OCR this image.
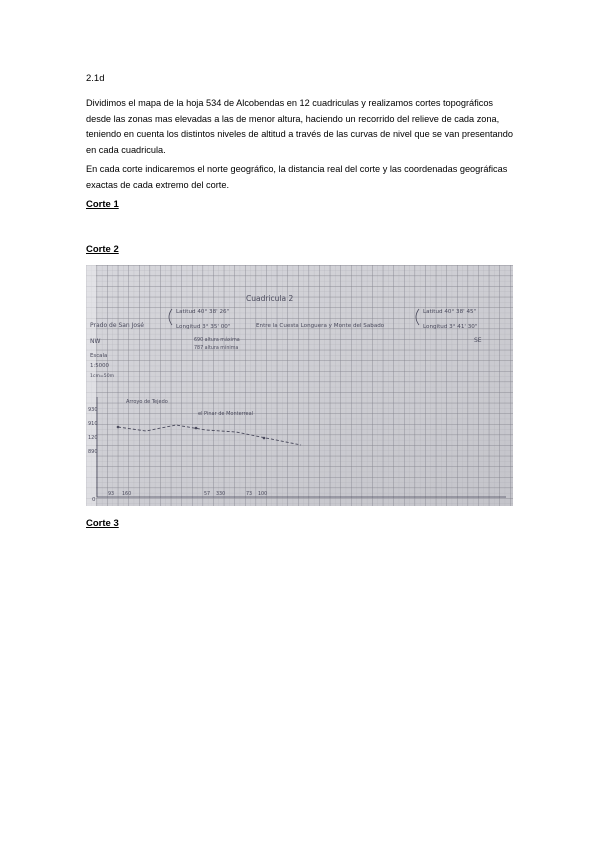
2.1d

Dividimos el mapa de la hoja 534 de Alcobendas en 12 cuadriculas y realizamos cortes topográficos desde las zonas mas elevadas a las de menor altura, haciendo un recorrido del relieve de cada zona, teniendo en cuenta los distintos niveles de altitud a través de las curvas de nivel que se van presentando en cada cuadricula.

En cada corte indicaremos el norte geográfico, la distancia real del corte y las coordenadas geográficas exactas de cada extremo del corte.

Corte 1
Corte 2
Cuadricula 2
Prado de San José
Latitud 40° 38' 26"
Longitud 3° 35' 00"
NW
Escala
1:5000
1cm=50m
690 altura máxima
787 altura mínima
Entre la Cuesta Longuera y Monte del Sabado
Latitud 40° 38' 45"
Longitud 3° 41' 30"
SE
930
910
120
890
0
Arroyo de Tejedo
el Pinar de Monterreal
93 160	57 330	73 100
Corte 3
